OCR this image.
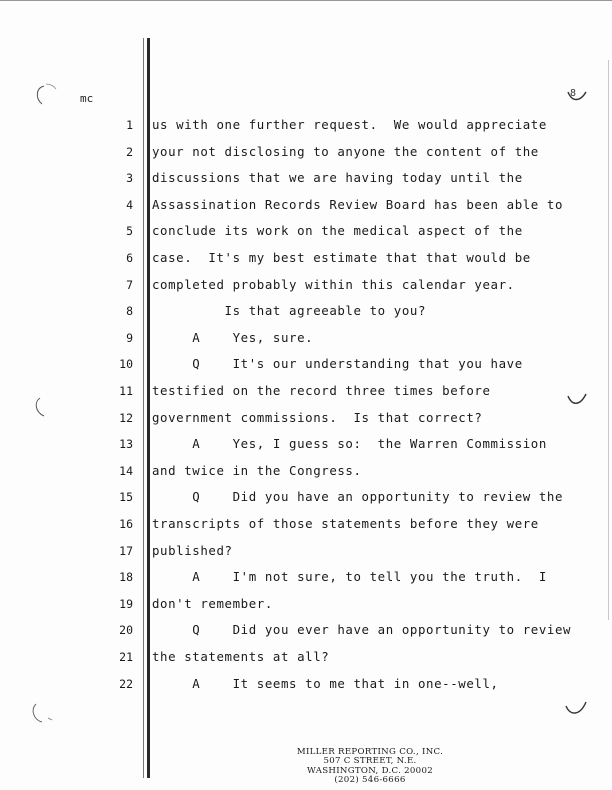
mc	8
1 us with one further request.  We would appreciate
2 your not disclosing to anyone the content of the
3 discussions that we are having today until the
4 Assassination Records Review Board has been able to
5 conclude its work on the medical aspect of the
6 case.  It's my best estimate that that would be
7 completed probably within this calendar year.
8 Is that agreeable to you?
9 A    Yes, sure.
10 Q    It's our understanding that you have
11 testified on the record three times before
12 government commissions.  Is that correct?
13 A    Yes, I guess so:  the Warren Commission
14 and twice in the Congress.
15 Q    Did you have an opportunity to review the
16 transcripts of those statements before they were
17 published?
18 A    I'm not sure, to tell you the truth.  I
19 don't remember.
20 Q    Did you ever have an opportunity to review
21 the statements at all?
22 A    It seems to me that in one--well,
MILLER REPORTING CO., INC.
507 C STREET, N.E.
WASHINGTON, D.C. 20002
(202) 546-6666
